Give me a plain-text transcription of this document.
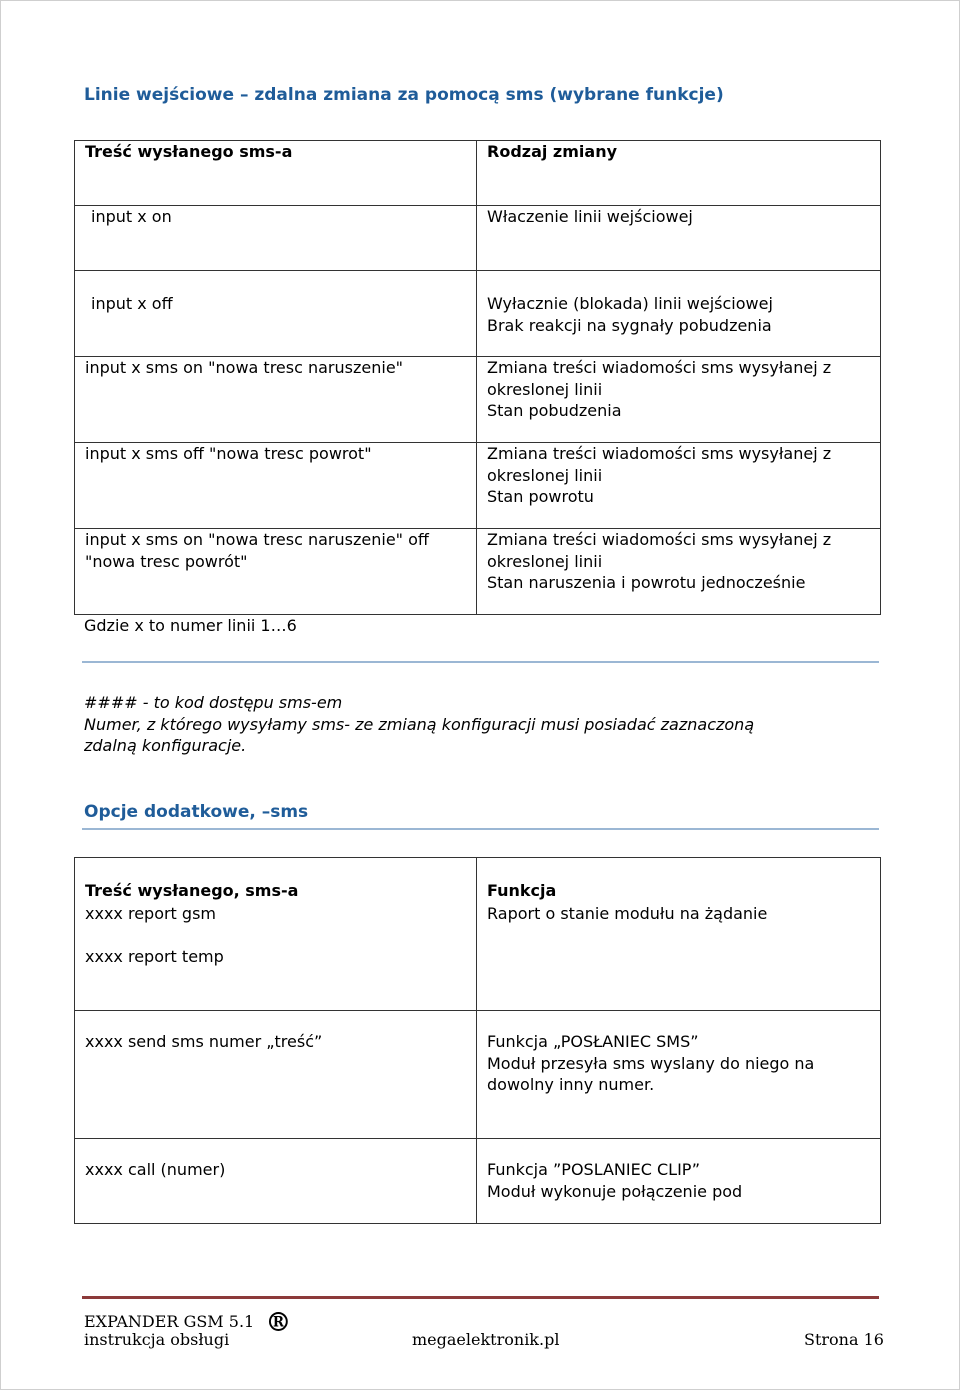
Linie wejściowe – zdalna zmiana za pomocą sms (wybrane funkcje)
Treść wysłanego sms-a	Rodzaj zmiany

input x on	Właczenie linii wejściowej

input x off	Wyłacznie (blokada) linii wejściowej
Brak reakcji na sygnały pobudzenia

input x sms on "nowa tresc naruszenie"	Zmiana treści wiadomości sms wysyłanej z
okreslonej linii
Stan pobudzenia

input x sms off "nowa tresc powrot"	Zmiana treści wiadomości sms wysyłanej z
okreslonej linii
Stan powrotu

input x sms on "nowa tresc naruszenie" off
"nowa tresc powrót"	Zmiana treści wiadomości sms wysyłanej z
okreslonej linii
Stan naruszenia i powrotu jednocześnie

Gdzie x to numer linii 1…6

#### - to kod dostępu sms-em
Numer, z którego wysyłamy sms- ze zmianą konfiguracji musi posiadać zaznaczoną
zdalną konfiguracje.
Opcje dodatkowe, –sms
Treść wysłanego, sms-a	Funkcja

xxxx report gsm
xxxx report temp	Raport o stanie modułu na żądanie

xxxx send sms numer „treść”	Funkcja „POSŁANIEC SMS”
Moduł przesyła sms wyslany do niego na
dowolny inny numer.

xxxx call (numer)	Funkcja ”POSLANIEC CLIP”
Moduł wykonuje połączenie pod

EXPANDER GSM 5.1 ®

instrukcja obsługi	megaelektronik.pl	Strona 16
